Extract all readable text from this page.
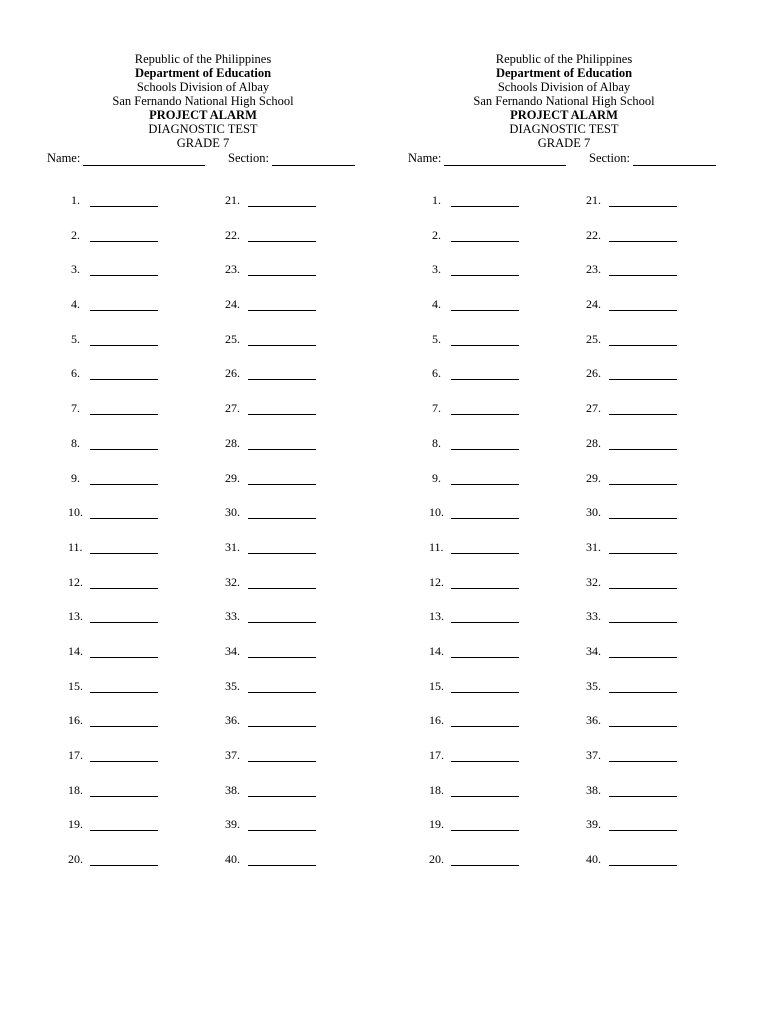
Republic of the Philippines
Department of Education
Schools Division of Albay
San Fernando National High School
PROJECT ALARM
DIAGNOSTIC TEST
GRADE 7
Name:	Section:
1.
2.
3.
4.
5.
6.
7.
8.
9.
10.
11.
12.
13.
14.
15.
16.
17.
18.
19.
20.
21.
22.
23.
24.
25.
26.
27.
28.
29.
30.
31.
32.
33.
34.
35.
36.
37.
38.
39.
40.
Republic of the Philippines
Department of Education
Schools Division of Albay
San Fernando National High School
PROJECT ALARM
DIAGNOSTIC TEST
GRADE 7
Name:	Section:
1.
2.
3.
4.
5.
6.
7.
8.
9.
10.
11.
12.
13.
14.
15.
16.
17.
18.
19.
20.
21.
22.
23.
24.
25.
26.
27.
28.
29.
30.
31.
32.
33.
34.
35.
36.
37.
38.
39.
40.
